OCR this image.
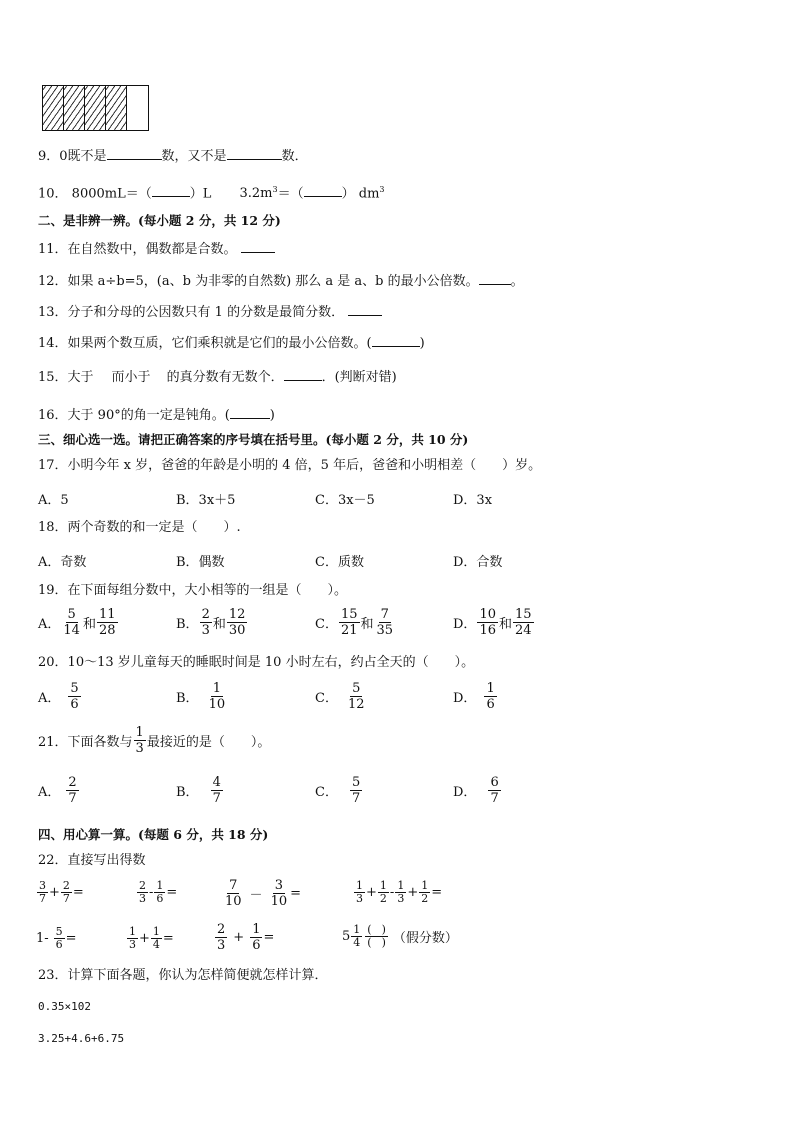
9．0既不是	数，又不是	数．
10． 8000mL＝（	）L $3.2m^3=$（	） $dm^3$
二、是非辨一辨。(每小题 2 分，共 12 分)
11．在自然数中，偶数都是合数。
12．如果 a÷b=5，(a、b 为非零的自然数) 那么 a 是 a、b 的最小公倍数。 。
13．分子和分母的公因数只有 1 的分数是最简分数．
14．如果两个数互质，它们乘积就是它们的最小公倍数。(	)
15．大于 而小于 的真分数有无数个．	．(判断对错)
16．大于 90°的角一定是钝角。(	)
三、细心选一选。请把正确答案的序号填在括号里。(每小题 2 分，共 10 分)
17．小明今年 x 岁，爸爸的年龄是小明的 4 倍，5 年后，爸爸和小明相差（　　）岁。
A．5	B．3x＋5	C．3x－5	D．3x
18．两个奇数的和一定是（　　）.
A．奇数	B．偶数	C．质数	D．合数
19．在下面每组分数中，大小相等的一组是（　　）。
A． $\frac{5}{14}$ 和 $\frac{11}{28}$	B． $\frac{2}{3}$ 和 $\frac{12}{30}$	C． $\frac{15}{21}$ 和 $\frac{7}{35}$	D． $\frac{10}{16}$ 和 $\frac{15}{24}$
20．10～13 岁儿童每天的睡眠时间是 10 小时左右，约占全天的（　　）。
A． $\frac{5}{6}$	B． $\frac{1}{10}$	C． $\frac{5}{12}$	D． $\frac{1}{6}$
21．下面各数与 $\frac{1}{3}$ 最接近的是（　　）。
A． $\frac{2}{7}$	B． $\frac{4}{7}$	C． $\frac{5}{7}$	D． $\frac{6}{7}$
四、用心算一算。(每题 6 分，共 18 分)
22．直接写出得数
$\frac{3}{7} + \frac{2}{7}$ =	$\frac{2}{3} - \frac{1}{6}$ =	$\frac{7}{10} - \frac{3}{10}$ =	$\frac{1}{3} + \frac{1}{2} - \frac{1}{3} + \frac{1}{2}$ =
$1- \frac{5}{6}$ =	$\frac{1}{3} + \frac{1}{4}$ =	$\frac{2}{3} + \frac{1}{6}$ =	$5 \frac{1}{4} \frac{( )}{( )}$ （假分数）
23．计算下面各题，你认为怎样简便就怎样计算．
0.35×102
3.25+4.6+6.75
